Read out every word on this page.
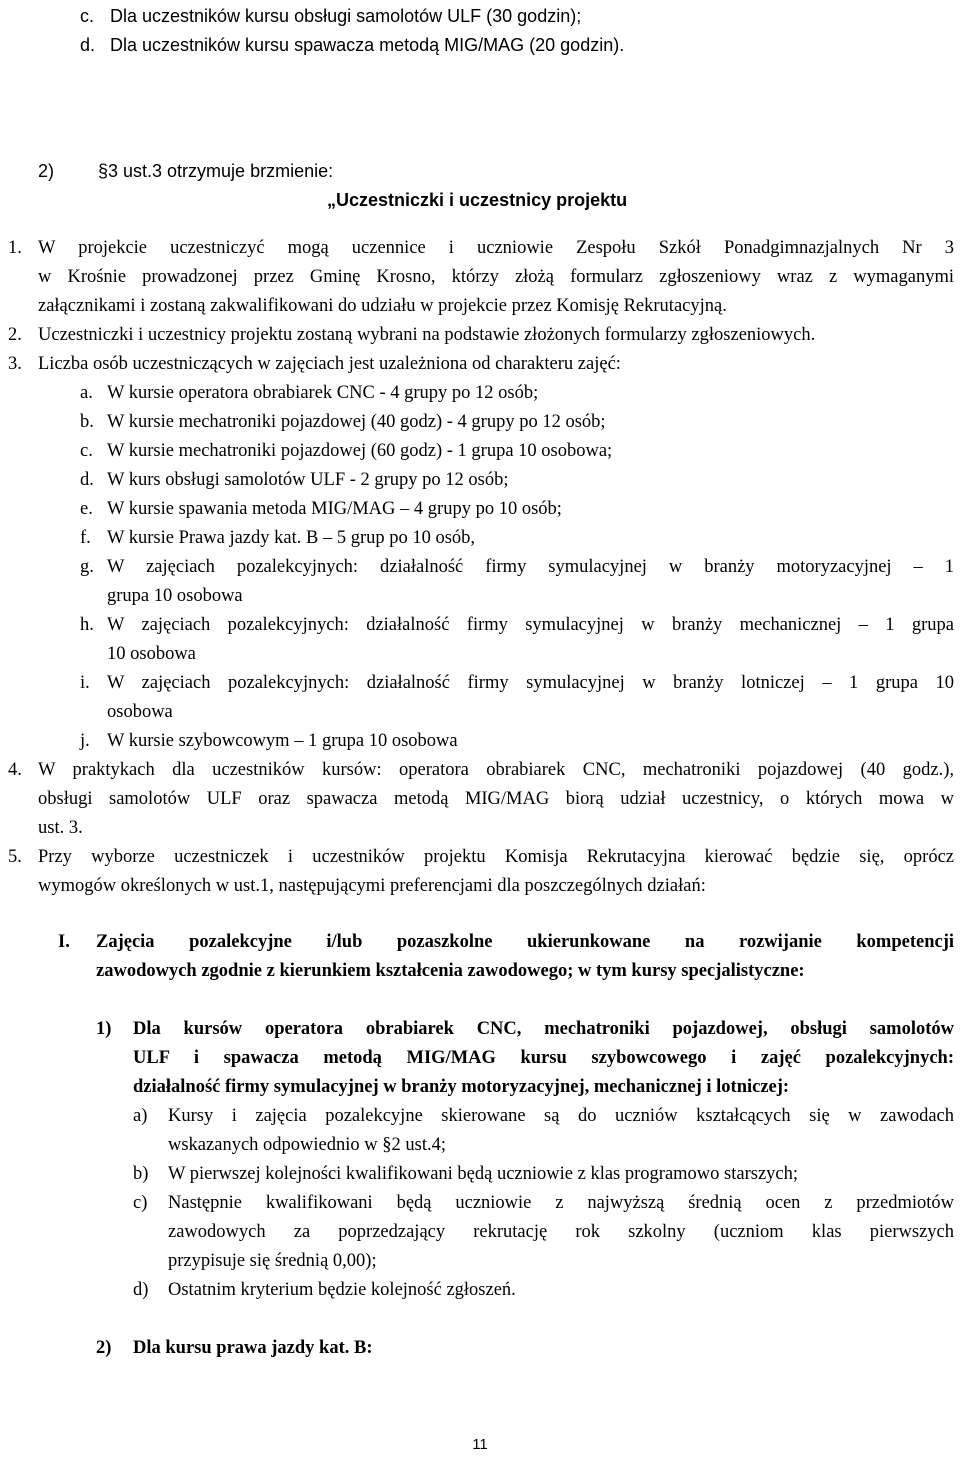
c. Dla uczestników kursu obsługi samolotów ULF (30 godzin);
d. Dla uczestników kursu spawacza metodą MIG/MAG (20 godzin).
2) §3 ust.3 otrzymuje brzmienie:
„Uczestniczki i uczestnicy projektu
1. W projekcie uczestniczyć mogą uczennice i uczniowie Zespołu Szkół Ponadgimnazjalnych Nr 3
w Krośnie prowadzonej przez Gminę Krosno, którzy złożą formularz zgłoszeniowy wraz z wymaganymi
załącznikami i zostaną zakwalifikowani do udziału w projekcie przez Komisję Rekrutacyjną.
2. Uczestniczki i uczestnicy projektu zostaną wybrani na podstawie złożonych formularzy zgłoszeniowych.
3. Liczba osób uczestniczących w zajęciach jest uzależniona od charakteru zajęć:
a. W kursie operatora obrabiarek CNC - 4 grupy po 12 osób;
b. W kursie mechatroniki pojazdowej (40 godz) - 4 grupy po 12 osób;
c. W kursie mechatroniki pojazdowej (60 godz) - 1 grupa 10 osobowa;
d. W kurs obsługi samolotów ULF - 2 grupy po 12 osób;
e. W kursie spawania metoda MIG/MAG – 4 grupy po 10 osób;
f. W kursie Prawa jazdy kat. B – 5 grup po 10 osób,
g. W zajęciach pozalekcyjnych: działalność firmy symulacyjnej w branży motoryzacyjnej – 1
grupa 10 osobowa
h. W zajęciach pozalekcyjnych: działalność firmy symulacyjnej w branży mechanicznej – 1 grupa
10 osobowa
i. W zajęciach pozalekcyjnych: działalność firmy symulacyjnej w branży lotniczej – 1 grupa 10
osobowa
j. W kursie szybowcowym – 1 grupa 10 osobowa
4. W praktykach dla uczestników kursów: operatora obrabiarek CNC, mechatroniki pojazdowej (40 godz.),
obsługi samolotów ULF oraz spawacza metodą MIG/MAG biorą udział uczestnicy, o których mowa w
ust. 3.
5. Przy wyborze uczestniczek i uczestników projektu Komisja Rekrutacyjna kierować będzie się, oprócz
wymogów określonych w ust.1, następującymi preferencjami dla poszczególnych działań:
I. Zajęcia pozalekcyjne i/lub pozaszkolne ukierunkowane na rozwijanie kompetencji
zawodowych zgodnie z kierunkiem kształcenia zawodowego; w tym kursy specjalistyczne:
1) Dla kursów operatora obrabiarek CNC, mechatroniki pojazdowej, obsługi samolotów
ULF i spawacza metodą MIG/MAG kursu szybowcowego i zajęć pozalekcyjnych:
działalność firmy symulacyjnej w branży motoryzacyjnej, mechanicznej i lotniczej:
a) Kursy i zajęcia pozalekcyjne skierowane są do uczniów kształcących się w zawodach
wskazanych odpowiednio w §2 ust.4;
b) W pierwszej kolejności kwalifikowani będą uczniowie z klas programowo starszych;
c) Następnie kwalifikowani będą uczniowie z najwyższą średnią ocen z przedmiotów
zawodowych za poprzedzający rekrutację rok szkolny (uczniom klas pierwszych
przypisuje się średnią 0,00);
d) Ostatnim kryterium będzie kolejność zgłoszeń.
2) Dla kursu prawa jazdy kat. B:
11
